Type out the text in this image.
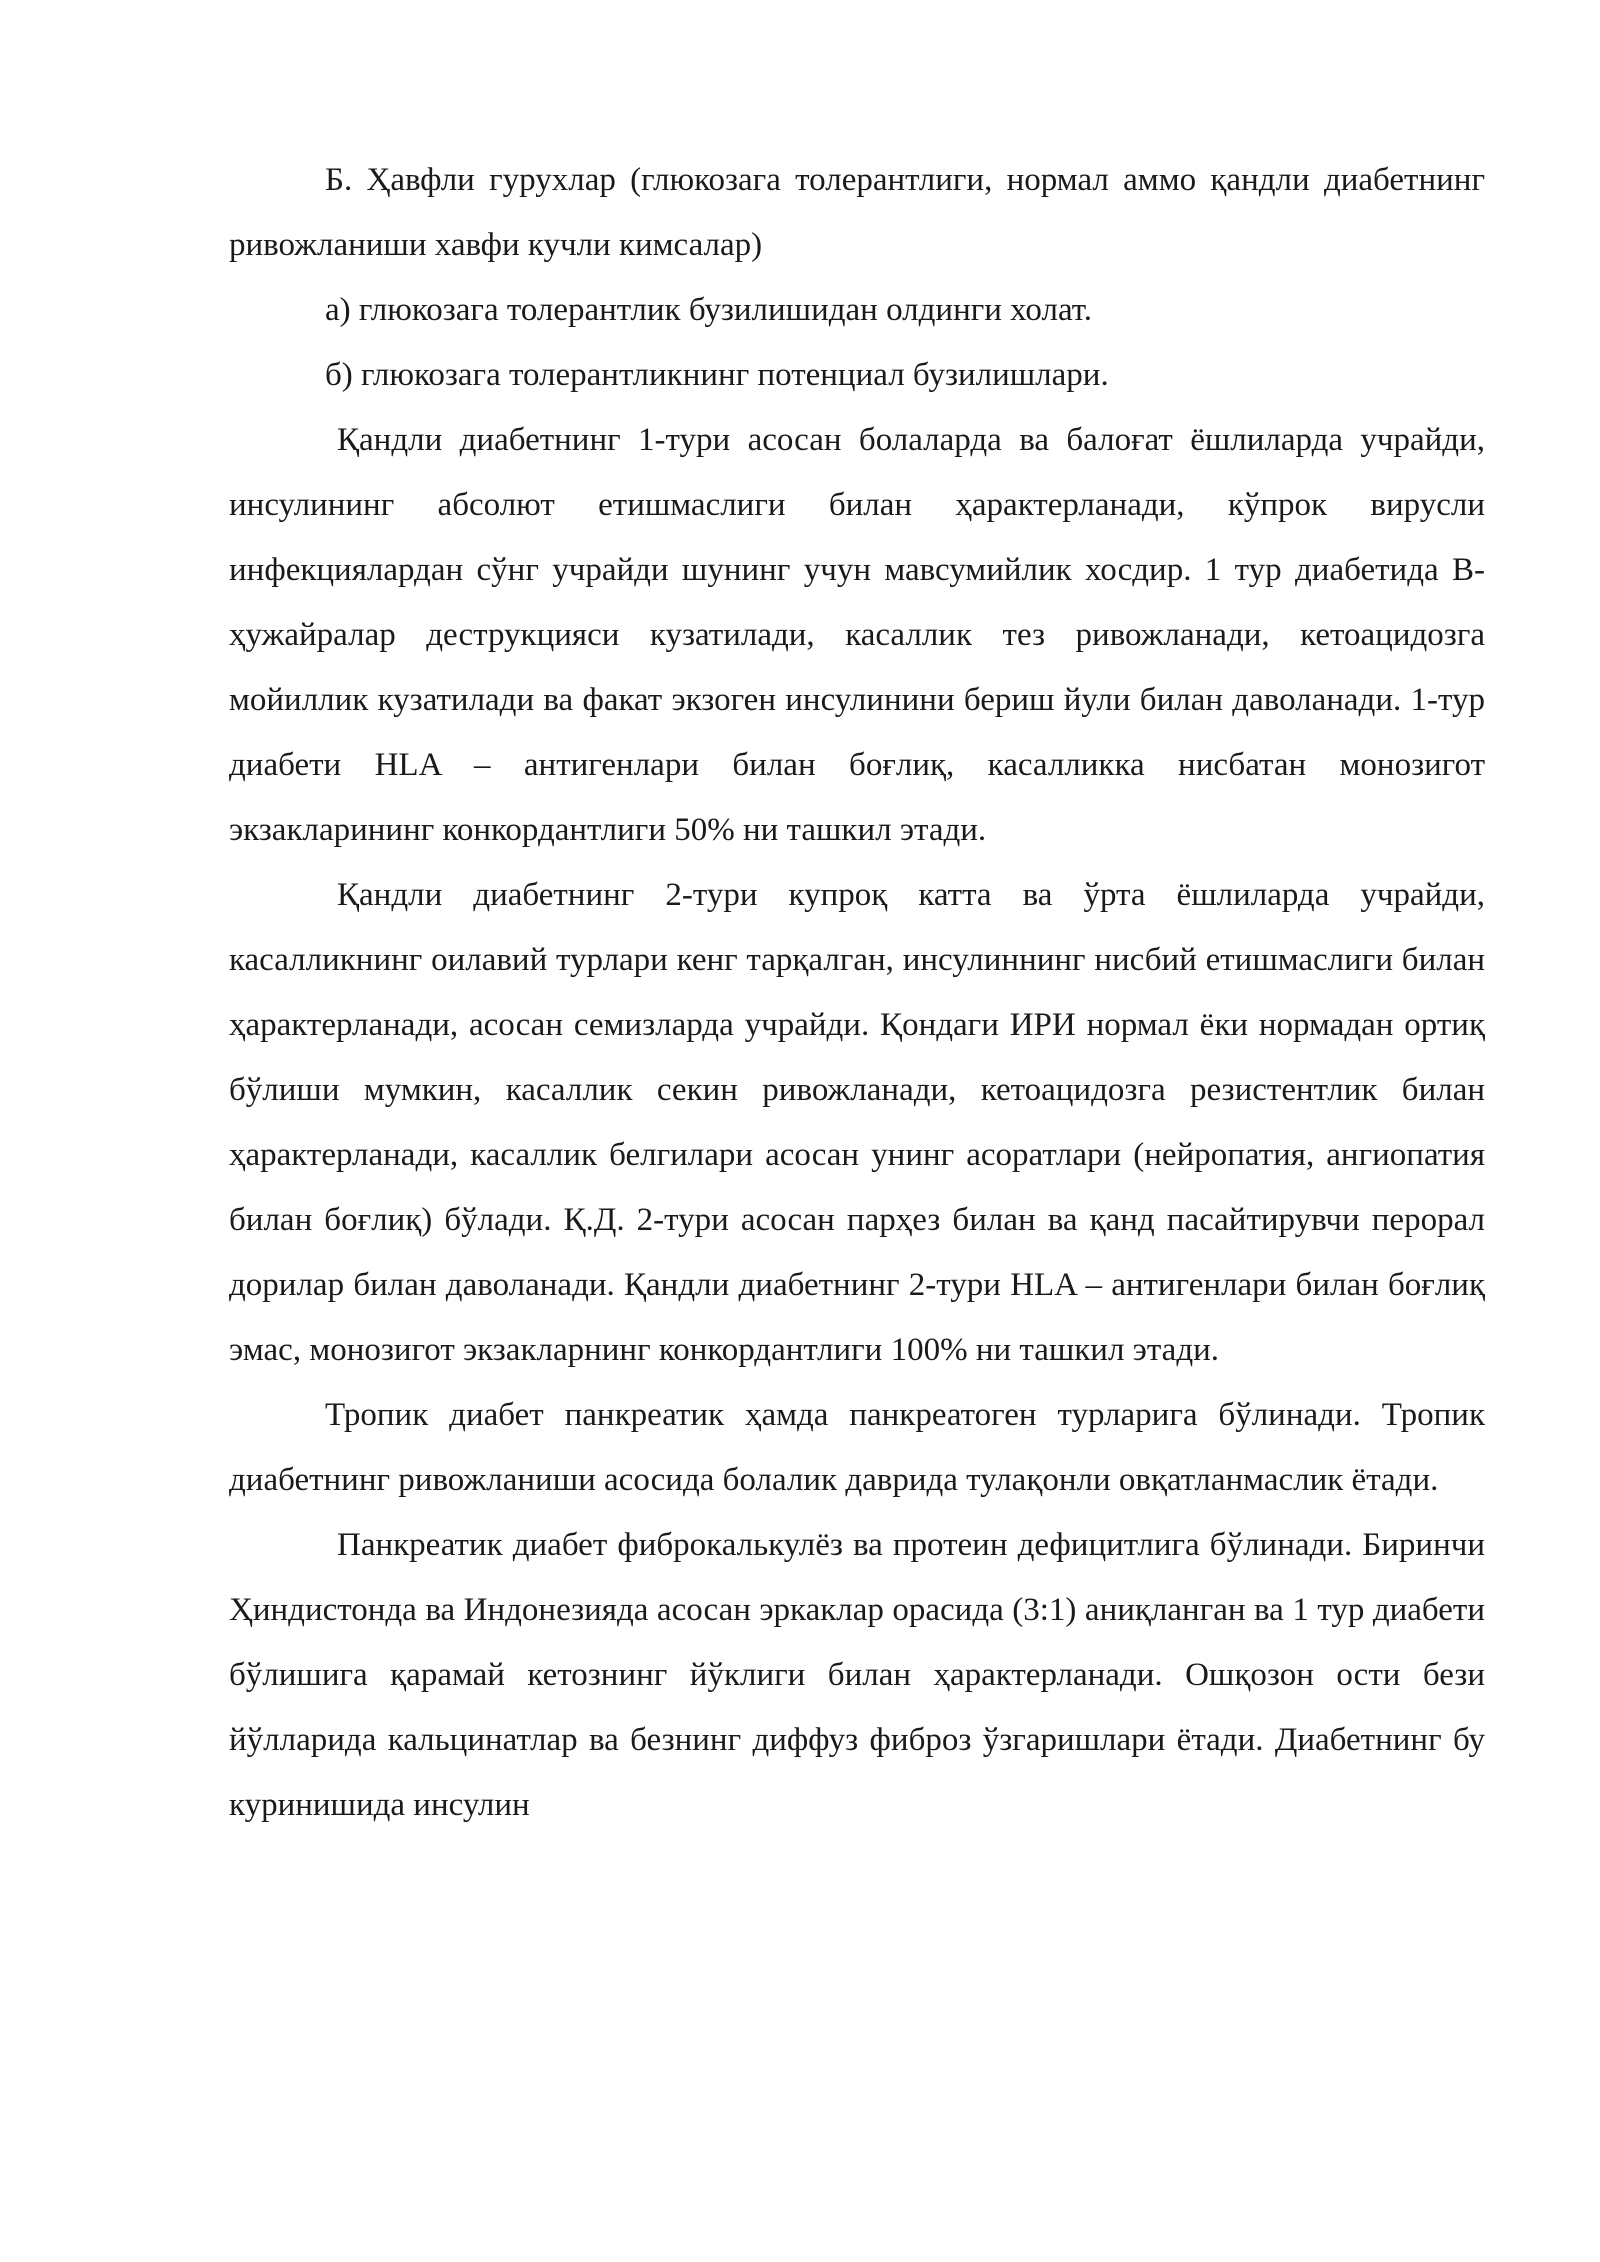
Б. Ҳавфли гурухлар (глюкозага толерантлиги, нормал аммо қандли диабетнинг ривожланиши хавфи кучли кимсалар)

а) глюкозага толерантлик бузилишидан олдинги холат.

б) глюкозага толерантликнинг потенциал бузилишлари.

Қандли диабетнинг 1-тури асосан болаларда ва балоғат ёшлиларда учрайди, инсулининг абсолют етишмаслиги билан ҳарактерланади, кўпрок вирусли инфекциялардан сўнг учрайди шунинг учун мавсумийлик хосдир. 1 тур диабетида В-ҳужайралар деструкцияси кузатилади, касаллик тез ривожланади, кетоацидозга мойиллик кузатилади ва факат экзоген инсулинини бериш йули билан даволанади. 1-тур диабети HLA – антигенлари билан боғлиқ, касалликка нисбатан монозигот экзакларининг конкордантлиги 50% ни ташкил этади.

Қандли диабетнинг 2-тури купроқ катта ва ўрта ёшлиларда учрайди, касалликнинг оилавий турлари кенг тарқалган, инсулиннинг нисбий етишмаслиги билан ҳарактерланади, асосан семизларда учрайди. Қондаги ИРИ нормал ёки нормадан ортиқ бўлиши мумкин, касаллик секин ривожланади, кетоацидозга резистентлик билан ҳарактерланади, касаллик белгилари асосан унинг асоратлари (нейропатия, ангиопатия билан боғлиқ) бўлади. Қ.Д. 2-тури асосан парҳез билан ва қанд пасайтирувчи перорал дорилар билан даволанади. Қандли диабетнинг 2-тури HLA – антигенлари билан боғлиқ эмас, монозигот экзакларнинг конкордантлиги 100% ни ташкил этади.

Тропик диабет панкреатик ҳамда панкреатоген турларига бўлинади. Тропик диабетнинг ривожланиши асосида болалик даврида тулақонли овқатланмаслик ётади.

Панкреатик диабет фиброкалькулёз ва протеин дефицитлига бўлинади. Биринчи Ҳиндистонда ва Индонезияда асосан эркаклар орасида (3:1) аниқланган ва 1 тур диабети бўлишига қарамай кетознинг йўклиги билан ҳарактерланади. Ошқозон ости бези йўлларида кальцинатлар ва безнинг диффуз фиброз ўзгаришлари ётади. Диабетнинг бу куринишида инсулин
